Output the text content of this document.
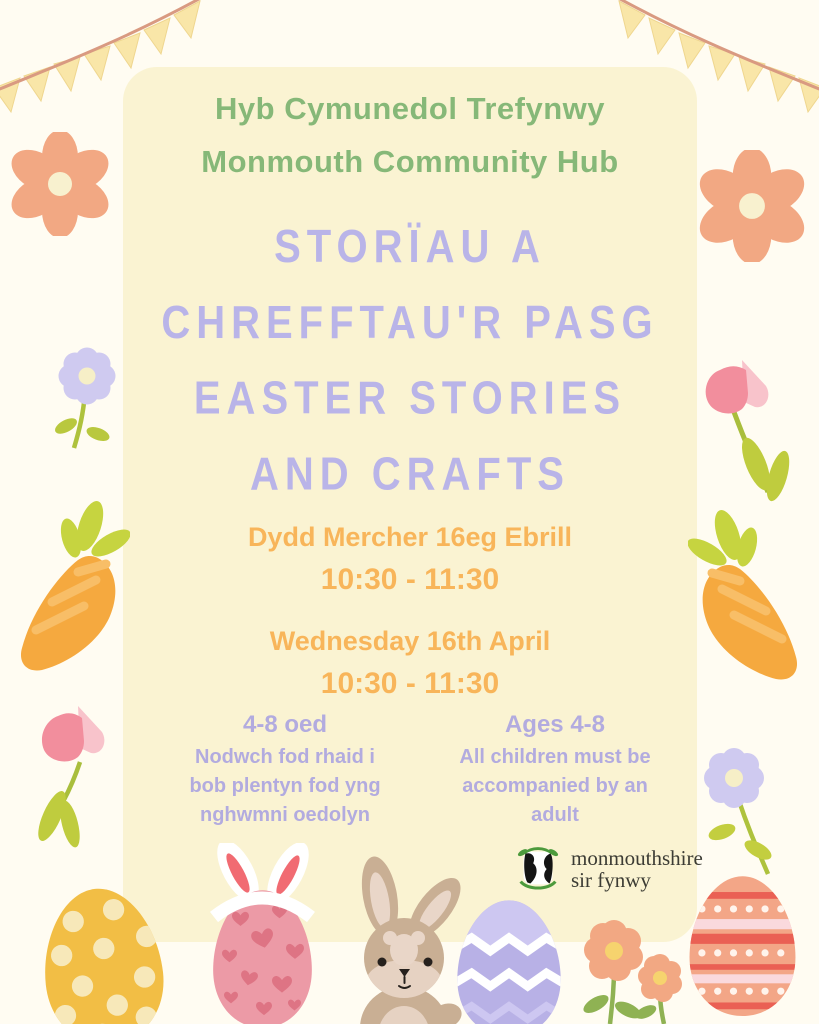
Hyb Cymunedol Trefynwy
Monmouth Community Hub
STORÏAU A
CHREFFTAU'R PASG
EASTER STORIES
AND CRAFTS
Dydd Mercher 16eg Ebrill
10:30 - 11:30
Wednesday 16th April
10:30 - 11:30
4-8 oed
Nodwch fod rhaid i
bob plentyn fod yng
nghwmni oedolyn
Ages 4-8
All children must be
accompanied by an
adult
monmouthshire
sir fynwy
